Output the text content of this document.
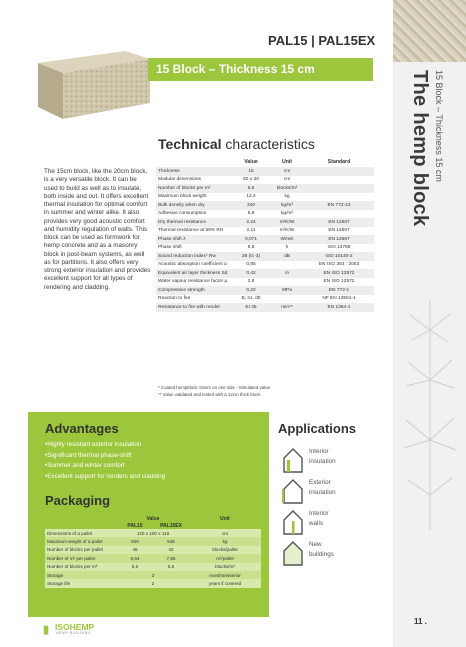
The hemp block 15 Block – Thickness 15 cm
PAL15 | PAL15EX
15 Block – Thickness 15 cm
Technical characteristics
The 15cm block, like the 20cm block, is a very versatile block. It can be used to build as well as to insulate, both inside and out. It offers excellent thermal insulation for optimal comfort in summer and winter alike. It also provides very good acoustic comfort and humidity regulation of walls. This block can be used as formwork for hemp concrete and as a masonry block in post-beam systems, as well as for partitions. It also offers very strong exterior insulation and provides excellent support for all types of rendering and cladding.
	Value	Unit	Standard
Thickness	15	cm	
Modular dimensions	60 x 30	cm	
Number of blocks per m²	5,5	blocks/m²	
Maximum block weight	12,4	kg	
Bulk density when dry	340	kg/m³	EN 772-13
Adhesive consumption	5,8	kg/m²	
Dry thermal resistance	2,24	m²K/W	EN 12667
Thermal resistance at 50% RH	2,11	m²K/W	EN 12667
Phase shift λ	0,071	W/mK	EN 12667
Phase shift	9,8	h	ISO 13786
Sound reduction index* Rw	38 (0;-3)	dB	ISO 10140-2
Acoustic absorption coefficient α	0,85		EN ISO 354 : 2003
Equivalent air layer thickness Sd	0,42	m	EN ISO 12572
Water vapour resistance factor μ	2,8		EN ISO 12572
Compressive strength	0,22	MPa	EN 772-1
Reaction to fire	B, s1, d0		NF EN 13501-1
Resistance to fire with render	EI 45	min**	EN 1364-1
* Coated hempblock 15mm on one side - Simulated value
** Value validated and tested with a 12cm thick block
Advantages
• Highly resistant exterior insulation
• Significant thermal phase-shift
• Summer and winter comfort
• Excellent support for renders and cladding
Packaging
	Value		Unit
	PAL15	PAL15EX	
Dimensions of a pallet	120 x 100 x 119		cm
Maximum weight of a pallet	600	546	kg
Number of blocks per pallet	48	42	blocks/pallet
Number of m² per pallet	8,64	7,56	m²/pallet
Number of blocks per m²	5,5	5,5	blocks/m²
Storage	3		months/exterior
Storage life	2		years if covered
Applications
Interior
insulation
Exterior
insulation
Interior
walls
New
buildings
▮ ISOHEMP
HEMP BUILDING
11 .
